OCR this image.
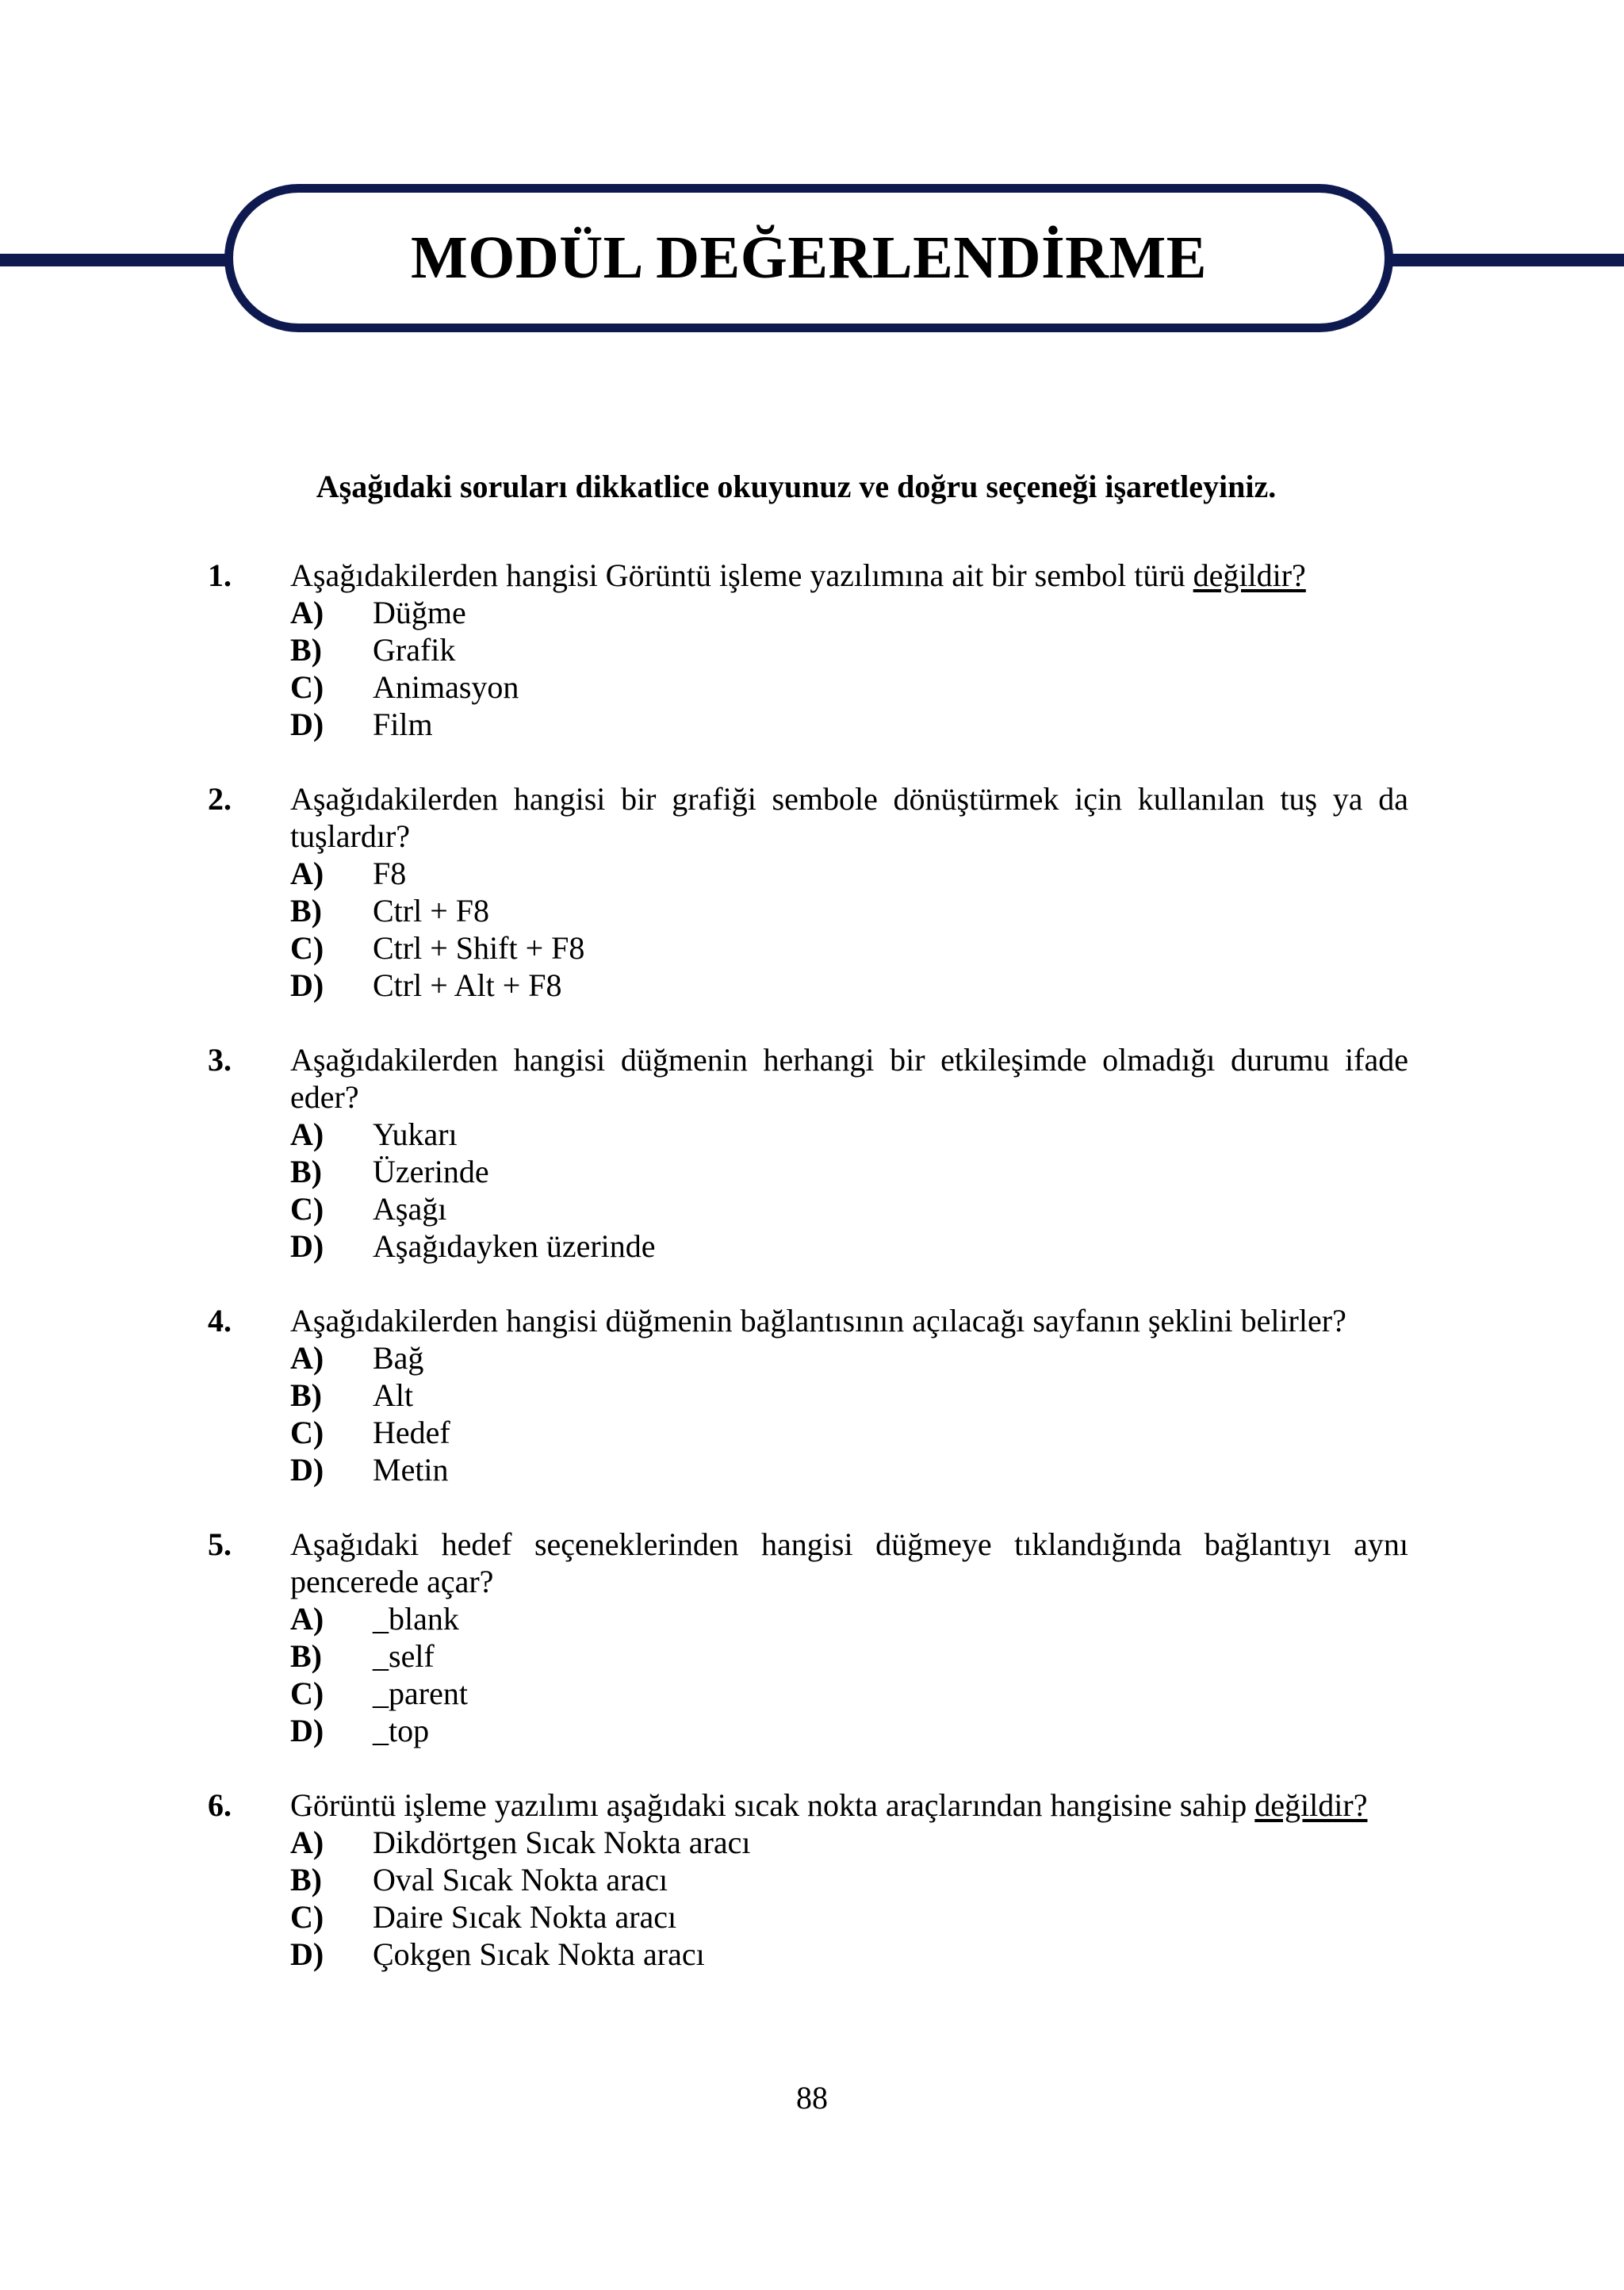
MODÜL DEĞERLENDİRME
Aşağıdaki soruları dikkatlice okuyunuz ve doğru seçeneği işaretleyiniz.
1. Aşağıdakilerden hangisi Görüntü işleme yazılımına ait bir sembol türü değildir?
A) Düğme
B) Grafik
C) Animasyon
D) Film
2. Aşağıdakilerden hangisi bir grafiği sembole dönüştürmek için kullanılan tuş ya da tuşlardır?
A) F8
B) Ctrl + F8
C) Ctrl + Shift + F8
D) Ctrl + Alt + F8
3. Aşağıdakilerden hangisi düğmenin herhangi bir etkileşimde olmadığı durumu ifade eder?
A) Yukarı
B) Üzerinde
C) Aşağı
D) Aşağıdayken üzerinde
4. Aşağıdakilerden hangisi düğmenin bağlantısının açılacağı sayfanın şeklini belirler?
A) Bağ
B) Alt
C) Hedef
D) Metin
5. Aşağıdaki hedef seçeneklerinden hangisi düğmeye tıklandığında bağlantıyı aynı pencerede açar?
A) _blank
B) _self
C) _parent
D) _top
6. Görüntü işleme yazılımı aşağıdaki sıcak nokta araçlarından hangisine sahip değildir?
A) Dikdörtgen Sıcak Nokta aracı
B) Oval Sıcak Nokta aracı
C) Daire Sıcak Nokta aracı
D) Çokgen Sıcak Nokta aracı
88
